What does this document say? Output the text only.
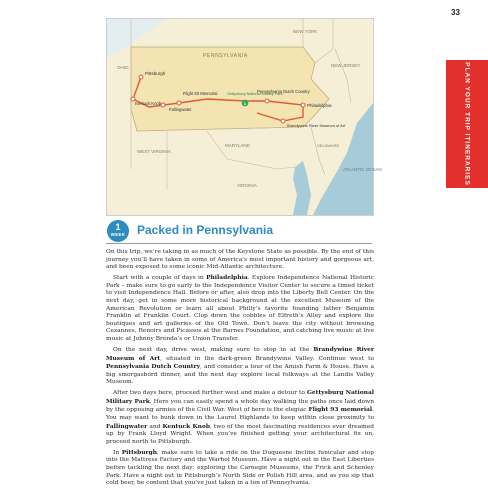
33
PLAN YOUR TRIP ITINERARIES
1
PENNSYLVANIA
NEW YORK
NEW JERSEY
OHIO
MARYLAND
VIRGINIA
WEST VIRGINIA
DELAWARE
ATLANTIC OCEAN
Pittsburgh
Kentuck Knob
Flight 93 Memorial
Fallingwater
Gettysburg National Military Park
Pennsylvania Dutch Country
Philadelphia
Brandywine River Museum of Art
1
WEEK Packed in Pennsylvania

On this trip, we’re taking in as much of the Keystone State as possible. By the end of this journey you’ll have taken in some of America’s most important history and gorgeous art, and been exposed to some iconic Mid-Atlantic architecture.

Start with a couple of days in Philadelphia. Explore Independence National Historic Park – make sure to go early to the Independence Visitor Center to secure a timed ticket to visit Independence Hall. Before or after, also drop into the Liberty Bell Center. On the next day, get in some more historical background at the excellent Museum of the American Revolution or learn all about Philly’s favorite founding father Benjamin Franklin at Franklin Court. Clop down the cobbles of Elfreth’s Alley and explore the boutiques and art galleries of the Old Town. Don’t leave the city without browsing Cezannes, Renoirs and Picassos at the Barnes Foundation, and catching live music at live music at Johnny Brenda’s or Union Transfer.

On the next day, drive west, making sure to stop in at the Brandywine River Museum of Art, situated in the dark-green Brandywine Valley. Continue west to Pennsylvania Dutch Country, and consider a tour of the Amish Farm & House. Have a big smorgasbord dinner, and the next day explore local folkways at the Landis Valley Museum.

After two days here, proceed further west and make a detour to Gettysburg National Military Park. Here you can easily spend a whole day walking the paths once laid down by the opposing armies of the Civil War. West of here is the elegiac Flight 93 memorial. You may want to bunk down in the Laurel Highlands to keep within close proximity to Fallingwater and Kentuck Knob, two of the most fascinating residences ever dreamed up by Frank Lloyd Wright. When you’ve finished getting your architectural fix on, proceed north to Pittsburgh.

In Pittsburgh, make sure to take a ride on the Duquesne Incline funicular and stop into the Mattress Factory and the Warhol Museum. Have a night out in the East Liberties before tackling the next day: exploring the Carnegie Museums, the Frick and Schenley Park. Have a night out in Pittsburgh’s North Side or Polish Hill area, and as you sip that cold beer, be content that you’ve just taken in a ton of Pennsylvania.
